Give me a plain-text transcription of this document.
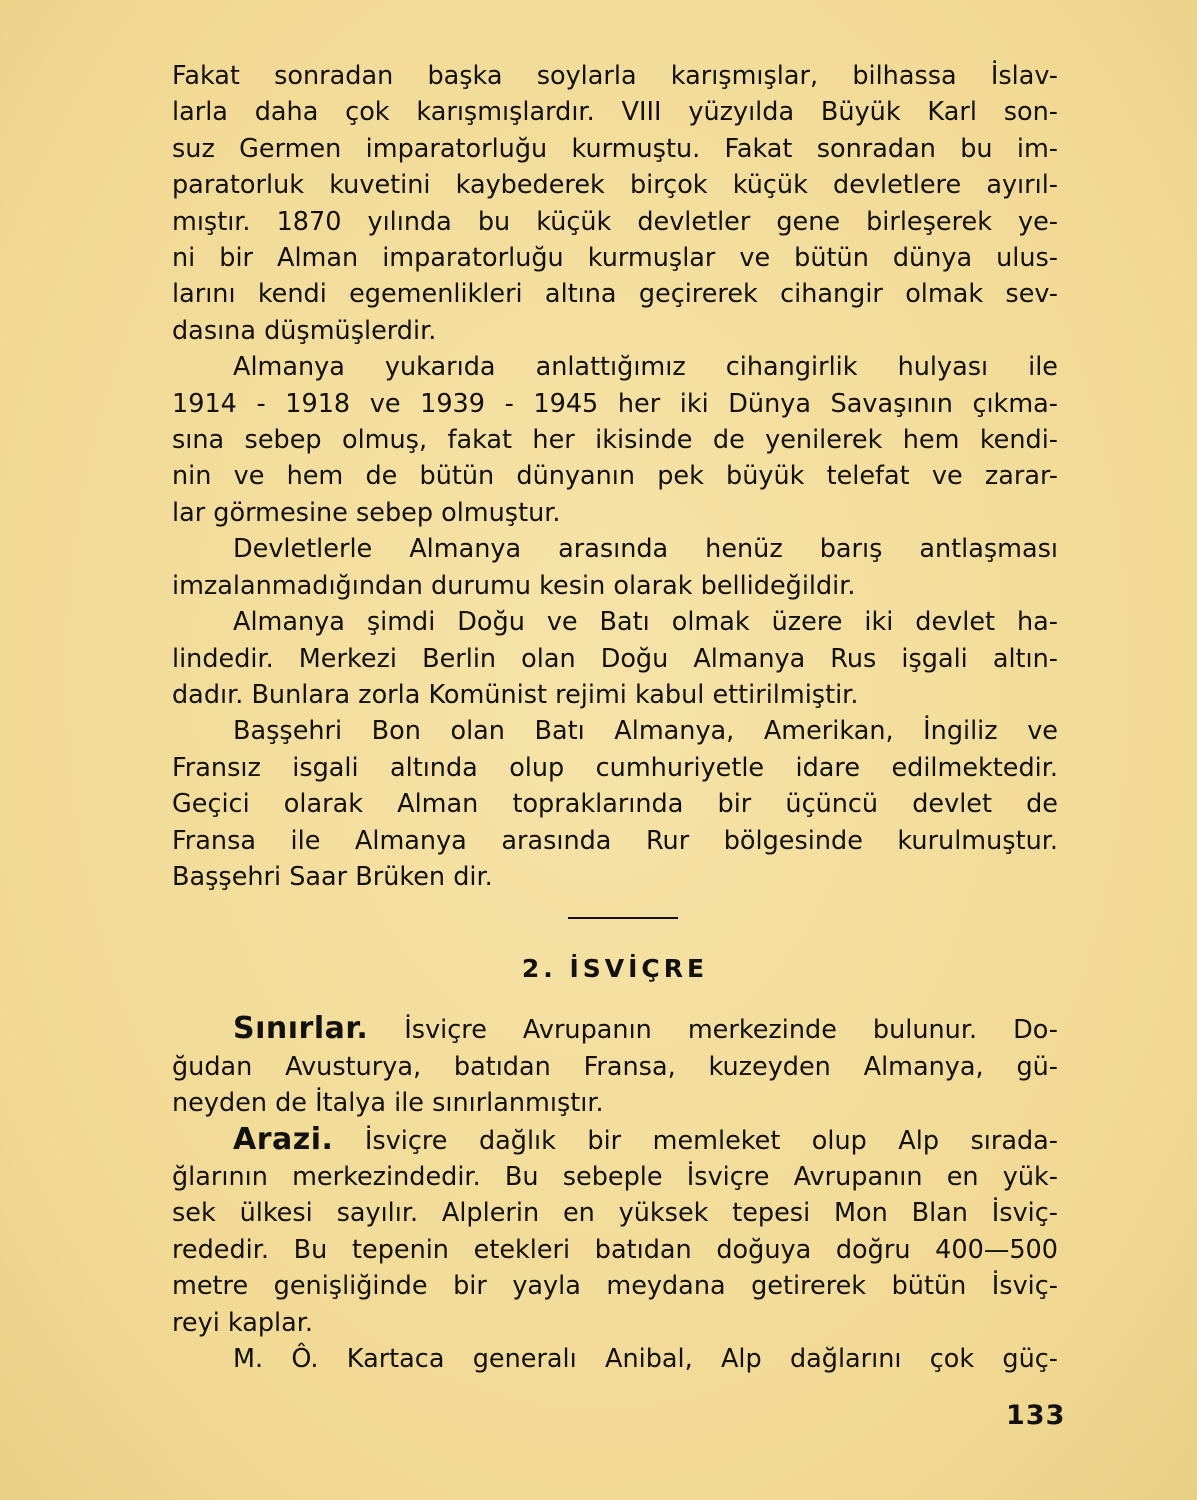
Fakat sonradan başka soylarla karışmışlar, bilhassa İslav-
larla daha çok karışmışlardır. VIII yüzyılda Büyük Karl son-
suz Germen imparatorluğu kurmuştu. Fakat sonradan bu im-
paratorluk kuvetini kaybederek birçok küçük devletlere ayırıl-
mıştır. 1870 yılında bu küçük devletler gene birleşerek ye-
ni bir Alman imparatorluğu kurmuşlar ve bütün dünya ulus-
larını kendi egemenlikleri altına geçirerek cihangir olmak sev-
dasına düşmüşlerdir.

Almanya yukarıda anlattığımız cihangirlik hulyası ile
1914 - 1918 ve 1939 - 1945 her iki Dünya Savaşının çıkma-
sına sebep olmuş, fakat her ikisinde de yenilerek hem kendi-
nin ve hem de bütün dünyanın pek büyük telefat ve zarar-
lar görmesine sebep olmuştur.

Devletlerle Almanya arasında henüz barış antlaşması
imzalanmadığından durumu kesin olarak bellideğildir.

Almanya şimdi Doğu ve Batı olmak üzere iki devlet ha-
lindedir. Merkezi Berlin olan Doğu Almanya Rus işgali altın-
dadır. Bunlara zorla Komünist rejimi kabul ettirilmiştir.

Başşehri Bon olan Batı Almanya, Amerikan, İngiliz ve
Fransız isgali altında olup cumhuriyetle idare edilmektedir.
Geçici olarak Alman topraklarında bir üçüncü devlet de
Fransa ile Almanya arasında Rur bölgesinde kurulmuştur.
Başşehri Saar Brüken dir.

2. İSVİÇRE

Sınırlar. İsviçre Avrupanın merkezinde bulunur. Do-
ğudan Avusturya, batıdan Fransa, kuzeyden Almanya, gü-
neyden de İtalya ile sınırlanmıştır.

Arazi. İsviçre dağlık bir memleket olup Alp sırada-
ğlarının merkezindedir. Bu sebeple İsviçre Avrupanın en yük-
sek ülkesi sayılır. Alplerin en yüksek tepesi Mon Blan İsviç-
rededir. Bu tepenin etekleri batıdan doğuya doğru 400—500
metre genişliğinde bir yayla meydana getirerek bütün İsviç-
reyi kaplar.

M. Ô. Kartaca generalı Anibal, Alp dağlarını çok güç-

133
